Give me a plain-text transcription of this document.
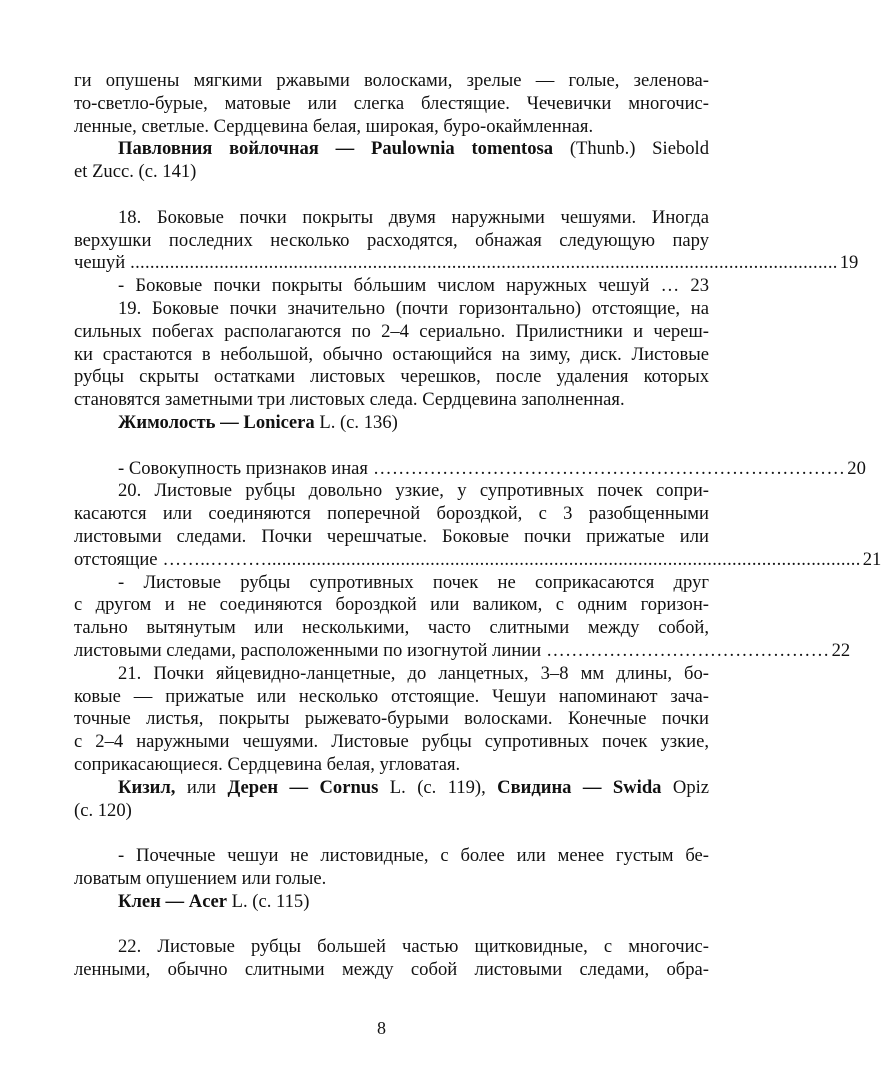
ги опушены мягкими ржавыми волосками, зрелые — голые, зеленова-
то-светло-бурые, матовые или слегка блестящие. Чечевички многочис-
ленные, светлые. Сердцевина белая, широкая, буро-окаймленная.
Павловния войлочная — Paulownia tomentosa (Thunb.) Siebold
et Zucc. (с. 141)
18. Боковые почки покрыты двумя наружными чешуями. Иногда
верхушки последних несколько расходятся, обнажая следующую пару
чешуй ............................................................................................................................................... 19
- Боковые почки покрыты бóльшим числом наружных чешуй … 23
19. Боковые почки значительно (почти горизонтально) отстоящие, на
сильных побегах располагаются по 2–4 сериально. Прилистники и череш-
ки срастаются в небольшой, обычно остающийся на зиму, диск. Листовые
рубцы скрыты остатками листовых черешков, после удаления которых
становятся заметными три листовых следа. Сердцевина заполненная.
Жимолость — Lonicera L. (с. 136)
- Совокупность признаков иная ………………………………………………………………… 20
20. Листовые рубцы довольно узкие, у супротивных почек сопри-
касаются или соединяются поперечной бороздкой, с 3 разобщенными
листовыми следами. Почки черешчатые. Боковые почки прижатые или
отстоящие ……..………........................................................................................................................ 21
- Листовые рубцы супротивных почек не соприкасаются друг
с другом и не соединяются бороздкой или валиком, с одним горизон-
тально вытянутым или несколькими, часто слитными между собой,
листовыми следами, расположенными по изогнутой линии ……………………………………… 22
21. Почки яйцевидно-ланцетные, до ланцетных, 3–8 мм длины, бо-
ковые — прижатые или несколько отстоящие. Чешуи напоминают зача-
точные листья, покрыты рыжевато-бурыми волосками. Конечные почки
с 2–4 наружными чешуями. Листовые рубцы супротивных почек узкие,
соприкасающиеся. Сердцевина белая, угловатая.
Кизил, или Дерен — Cornus L. (с. 119), Свидина — Swida Opiz
(с. 120)
- Почечные чешуи не листовидные, с более или менее густым бе-
ловатым опушением или голые.
Клен — Acer L. (с. 115)
22. Листовые рубцы большей частью щитковидные, с многочис-
ленными, обычно слитными между собой листовыми следами, обра-
8
